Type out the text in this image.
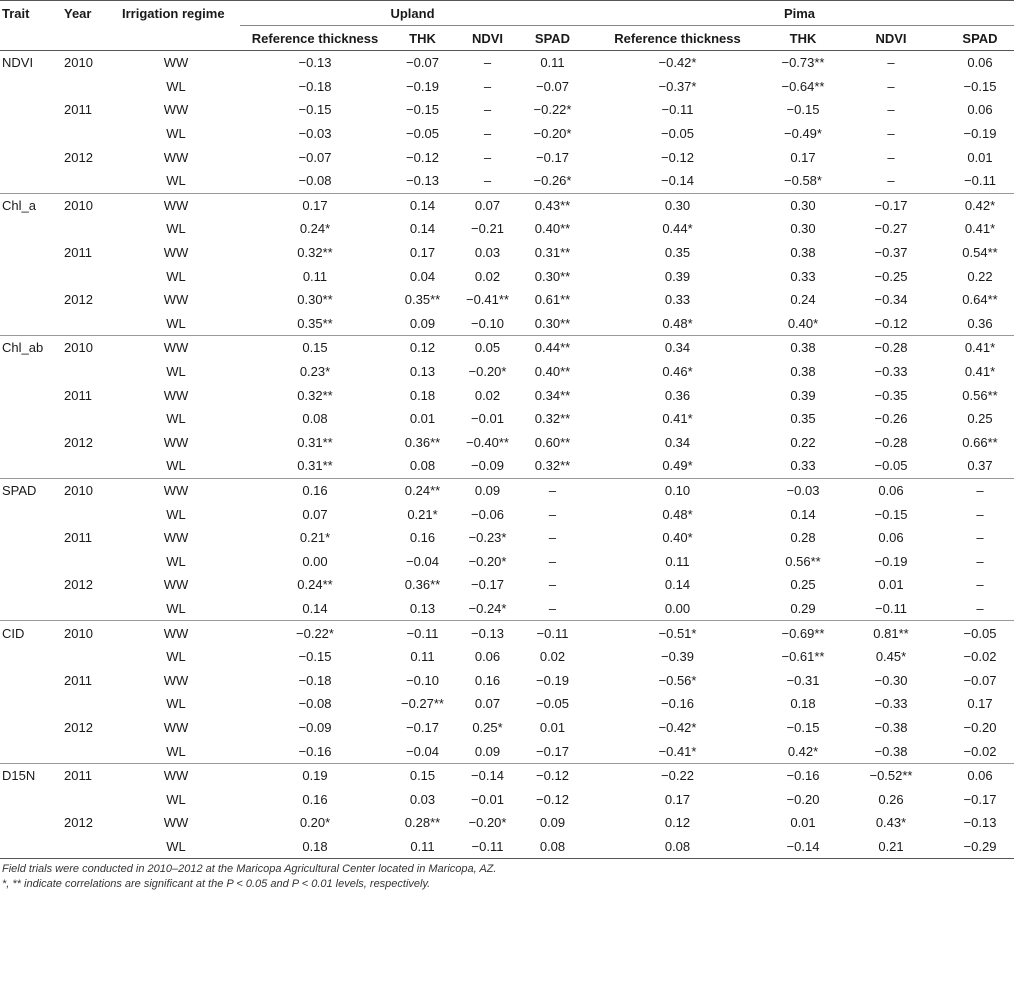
Trait	Year	Irrigation regime	Upland				Pima			
			Reference thickness	THK	NDVI	SPAD	Reference thickness	THK	NDVI	SPAD
NDVI	2010	WW	−0.13	−0.07	–	0.11	−0.42*	−0.73**	–	0.06
		WL	−0.18	−0.19	–	−0.07	−0.37*	−0.64**	–	−0.15
	2011	WW	−0.15	−0.15	–	−0.22*	−0.11	−0.15	–	0.06
		WL	−0.03	−0.05	–	−0.20*	−0.05	−0.49*	–	−0.19
	2012	WW	−0.07	−0.12	–	−0.17	−0.12	0.17	–	0.01
		WL	−0.08	−0.13	–	−0.26*	−0.14	−0.58*	–	−0.11
Chl_a	2010	WW	0.17	0.14	0.07	0.43**	0.30	0.30	−0.17	0.42*
		WL	0.24*	0.14	−0.21	0.40**	0.44*	0.30	−0.27	0.41*
	2011	WW	0.32**	0.17	0.03	0.31**	0.35	0.38	−0.37	0.54**
		WL	0.11	0.04	0.02	0.30**	0.39	0.33	−0.25	0.22
	2012	WW	0.30**	0.35**	−0.41**	0.61**	0.33	0.24	−0.34	0.64**
		WL	0.35**	0.09	−0.10	0.30**	0.48*	0.40*	−0.12	0.36
Chl_ab	2010	WW	0.15	0.12	0.05	0.44**	0.34	0.38	−0.28	0.41*
		WL	0.23*	0.13	−0.20*	0.40**	0.46*	0.38	−0.33	0.41*
	2011	WW	0.32**	0.18	0.02	0.34**	0.36	0.39	−0.35	0.56**
		WL	0.08	0.01	−0.01	0.32**	0.41*	0.35	−0.26	0.25
	2012	WW	0.31**	0.36**	−0.40**	0.60**	0.34	0.22	−0.28	0.66**
		WL	0.31**	0.08	−0.09	0.32**	0.49*	0.33	−0.05	0.37
SPAD	2010	WW	0.16	0.24**	0.09	–	0.10	−0.03	0.06	–
		WL	0.07	0.21*	−0.06	–	0.48*	0.14	−0.15	–
	2011	WW	0.21*	0.16	−0.23*	–	0.40*	0.28	0.06	–
		WL	0.00	−0.04	−0.20*	–	0.11	0.56**	−0.19	–
	2012	WW	0.24**	0.36**	−0.17	–	0.14	0.25	0.01	–
		WL	0.14	0.13	−0.24*	–	0.00	0.29	−0.11	–
CID	2010	WW	−0.22*	−0.11	−0.13	−0.11	−0.51*	−0.69**	0.81**	−0.05
		WL	−0.15	0.11	0.06	0.02	−0.39	−0.61**	0.45*	−0.02
	2011	WW	−0.18	−0.10	0.16	−0.19	−0.56*	−0.31	−0.30	−0.07
		WL	−0.08	−0.27**	0.07	−0.05	−0.16	0.18	−0.33	0.17
	2012	WW	−0.09	−0.17	0.25*	0.01	−0.42*	−0.15	−0.38	−0.20
		WL	−0.16	−0.04	0.09	−0.17	−0.41*	0.42*	−0.38	−0.02
D15N	2011	WW	0.19	0.15	−0.14	−0.12	−0.22	−0.16	−0.52**	0.06
		WL	0.16	0.03	−0.01	−0.12	0.17	−0.20	0.26	−0.17
	2012	WW	0.20*	0.28**	−0.20*	0.09	0.12	0.01	0.43*	−0.13
		WL	0.18	0.11	−0.11	0.08	0.08	−0.14	0.21	−0.29

Field trials were conducted in 2010–2012 at the Maricopa Agricultural Center located in Maricopa, AZ.

*, ** indicate correlations are significant at the P < 0.05 and P < 0.01 levels, respectively.
